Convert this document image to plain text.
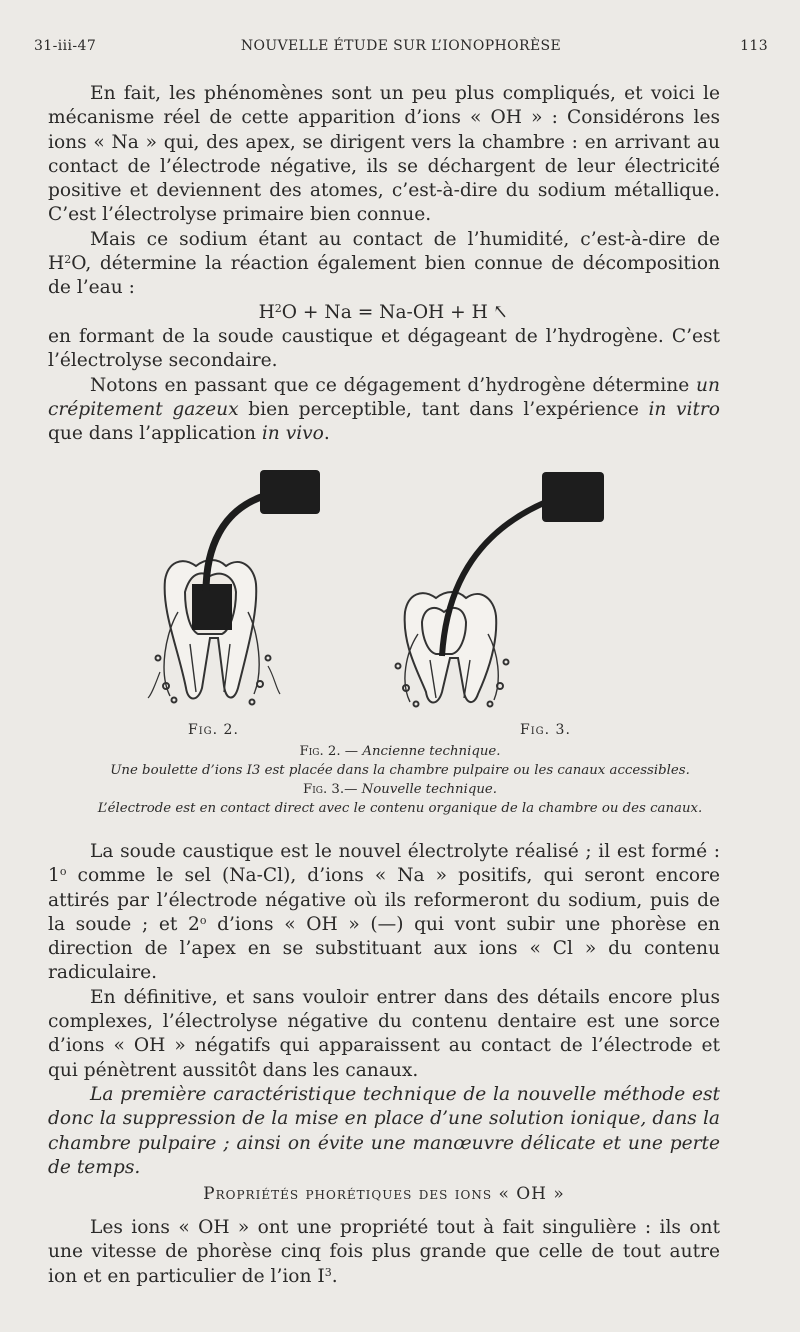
31-iii-47	NOUVELLE ÉTUDE SUR L’IONOPHORÈSE	113

En fait, les phénomènes sont un peu plus compliqués, et voici le mécanisme réel de cette apparition d’ions « OH » : Considérons les ions « Na » qui, des apex, se dirigent vers la chambre : en arrivant au contact de l’électrode négative, ils se déchargent de leur électricité positive et deviennent des atomes, c’est-à-dire du sodium métallique. C’est l’électrolyse primaire bien connue.

Mais ce sodium étant au contact de l’humidité, c’est-à-dire de $H^2O$, détermine la réaction également bien connue de décomposition de l’eau :

$H^2O + Na = Na-OH + H$ ↑

en formant de la soude caustique et dégageant de l’hydrogène. C’est l’électrolyse secondaire.

Notons en passant que ce dégagement d’hydrogène détermine un crépitement gazeux bien perceptible, tant dans l’expérience in vitro que dans l’application in vivo.

Fig. 2.	Fig. 3.

Fig. 2. — Ancienne technique.

Une boulette d’ions I3 est placée dans la chambre pulpaire ou les canaux accessibles.

Fig. 3.— Nouvelle technique.

L’électrode est en contact direct avec le contenu organique de la chambre ou des canaux.

La soude caustique est le nouvel électrolyte réalisé ; il est formé : 1$^o$ comme le sel (Na-Cl), d’ions « Na » positifs, qui seront encore attirés par l’électrode négative où ils reformeront du sodium, puis de la soude ; et 2$^o$ d’ions « OH » (—) qui vont subir une phorèse en direction de l’apex en se substituant aux ions « Cl » du contenu radiculaire.

En définitive, et sans vouloir entrer dans des détails encore plus complexes, l’électrolyse négative du contenu dentaire est une sorce d’ions « OH » négatifs qui apparaissent au contact de l’électrode et qui pénètrent aussitôt dans les canaux.

La première caractéristique technique de la nouvelle méthode est donc la suppression de la mise en place d’une solution ionique, dans la chambre pulpaire ; ainsi on évite une manœuvre délicate et une perte de temps.

Propriétés phorétiques des ions « OH »

Les ions « OH » ont une propriété tout à fait singulière : ils ont une vitesse de phorèse cinq fois plus grande que celle de tout autre ion et en particulier de l’ion $I^3$.
